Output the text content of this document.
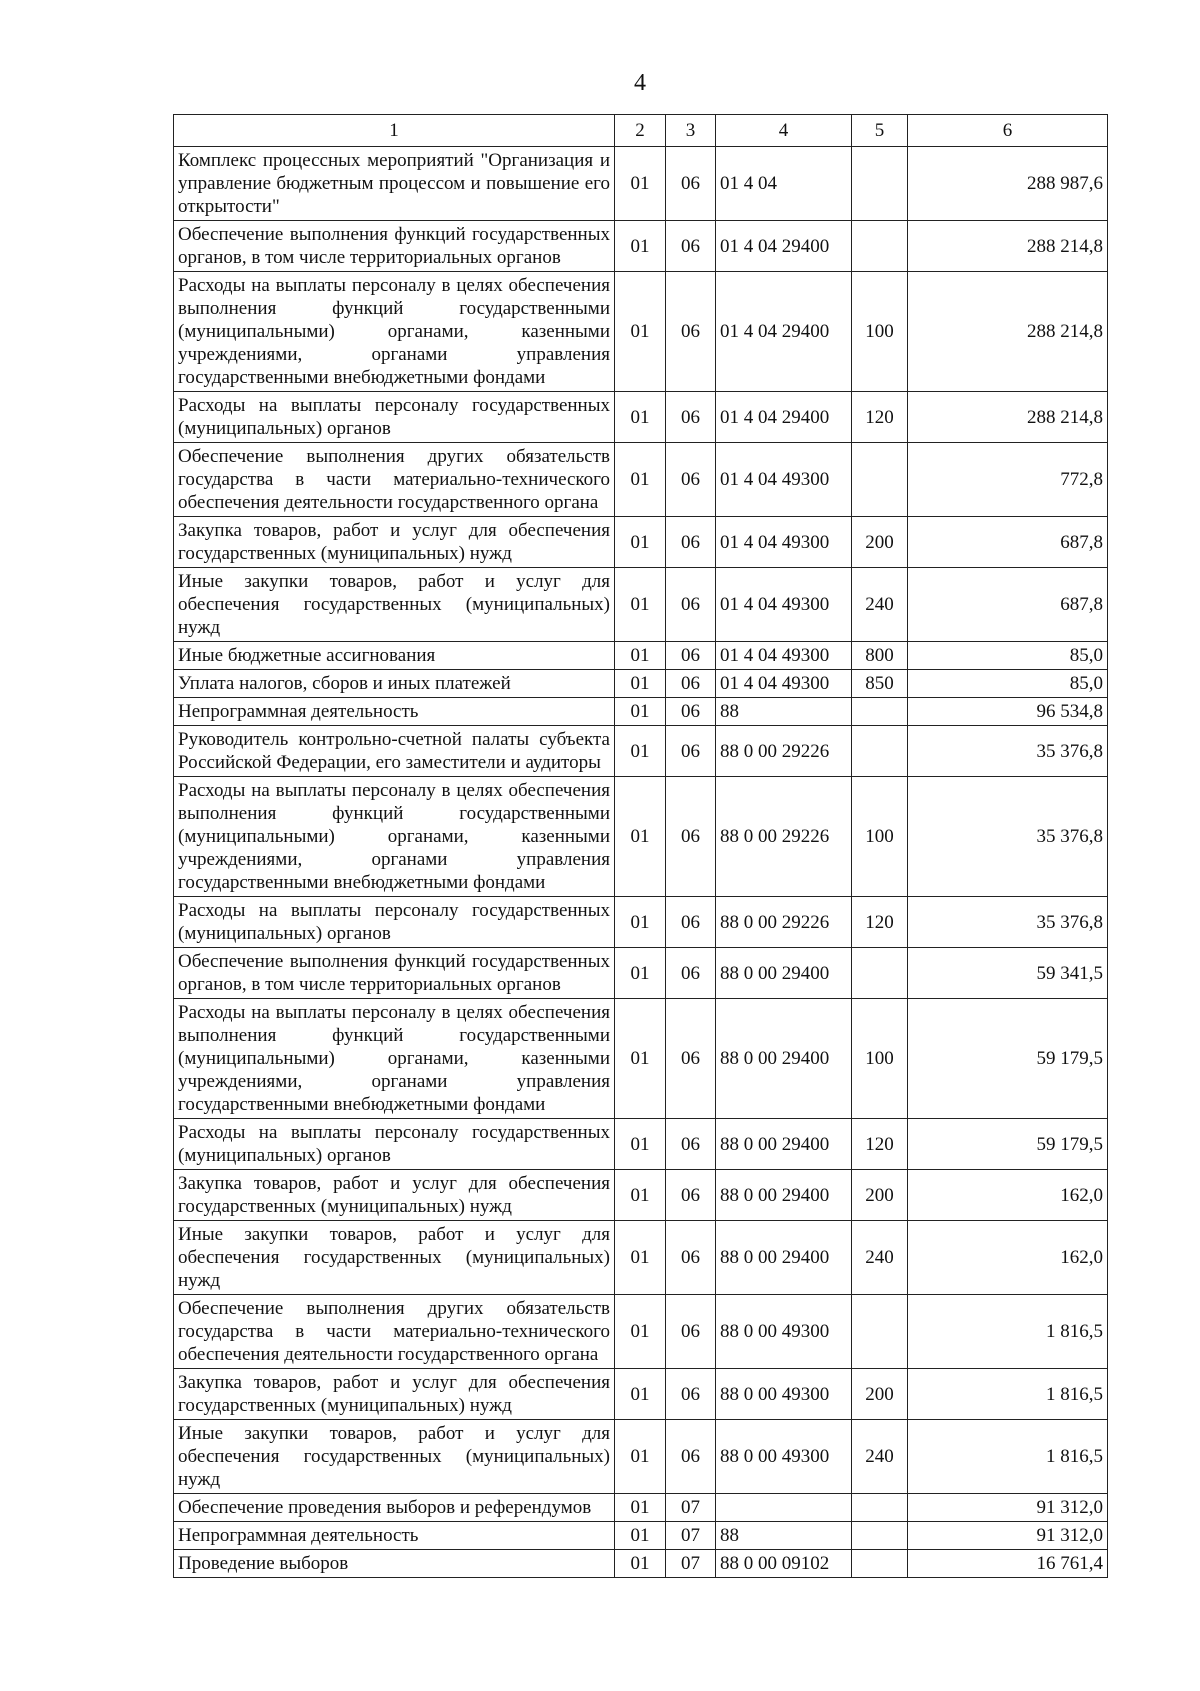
4
1	2	3	4	5	6
Комплекс процессных мероприятий "Организация и управление бюджетным процессом и повышение его открытости"	01	06	01 4 04		288 987,6
Обеспечение выполнения функций государственных органов, в том числе территориальных органов	01	06	01 4 04 29400		288 214,8
Расходы на выплаты персоналу в целях обеспечения выполнения функций государственными (муниципальными) органами, казенными учреждениями, органами управления государственными внебюджетными фондами	01	06	01 4 04 29400	100	288 214,8
Расходы на выплаты персоналу государственных (муниципальных) органов	01	06	01 4 04 29400	120	288 214,8
Обеспечение выполнения других обязательств государства в части материально-технического обеспечения деятельности государственного органа	01	06	01 4 04 49300		772,8
Закупка товаров, работ и услуг для обеспечения государственных (муниципальных) нужд	01	06	01 4 04 49300	200	687,8
Иные закупки товаров, работ и услуг для обеспечения государственных (муниципальных) нужд	01	06	01 4 04 49300	240	687,8
Иные бюджетные ассигнования	01	06	01 4 04 49300	800	85,0
Уплата налогов, сборов и иных платежей	01	06	01 4 04 49300	850	85,0
Непрограммная деятельность	01	06	88		96 534,8
Руководитель контрольно-счетной палаты субъекта Российской Федерации, его заместители и аудиторы	01	06	88 0 00 29226		35 376,8
Расходы на выплаты персоналу в целях обеспечения выполнения функций государственными (муниципальными) органами, казенными учреждениями, органами управления государственными внебюджетными фондами	01	06	88 0 00 29226	100	35 376,8
Расходы на выплаты персоналу государственных (муниципальных) органов	01	06	88 0 00 29226	120	35 376,8
Обеспечение выполнения функций государственных органов, в том числе территориальных органов	01	06	88 0 00 29400		59 341,5
Расходы на выплаты персоналу в целях обеспечения выполнения функций государственными (муниципальными) органами, казенными учреждениями, органами управления государственными внебюджетными фондами	01	06	88 0 00 29400	100	59 179,5
Расходы на выплаты персоналу государственных (муниципальных) органов	01	06	88 0 00 29400	120	59 179,5
Закупка товаров, работ и услуг для обеспечения государственных (муниципальных) нужд	01	06	88 0 00 29400	200	162,0
Иные закупки товаров, работ и услуг для обеспечения государственных (муниципальных) нужд	01	06	88 0 00 29400	240	162,0
Обеспечение выполнения других обязательств государства в части материально-технического обеспечения деятельности государственного органа	01	06	88 0 00 49300		1 816,5
Закупка товаров, работ и услуг для обеспечения государственных (муниципальных) нужд	01	06	88 0 00 49300	200	1 816,5
Иные закупки товаров, работ и услуг для обеспечения государственных (муниципальных) нужд	01	06	88 0 00 49300	240	1 816,5
Обеспечение проведения выборов и референдумов	01	07			91 312,0
Непрограммная деятельность	01	07	88		91 312,0
Проведение выборов	01	07	88 0 00 09102		16 761,4
